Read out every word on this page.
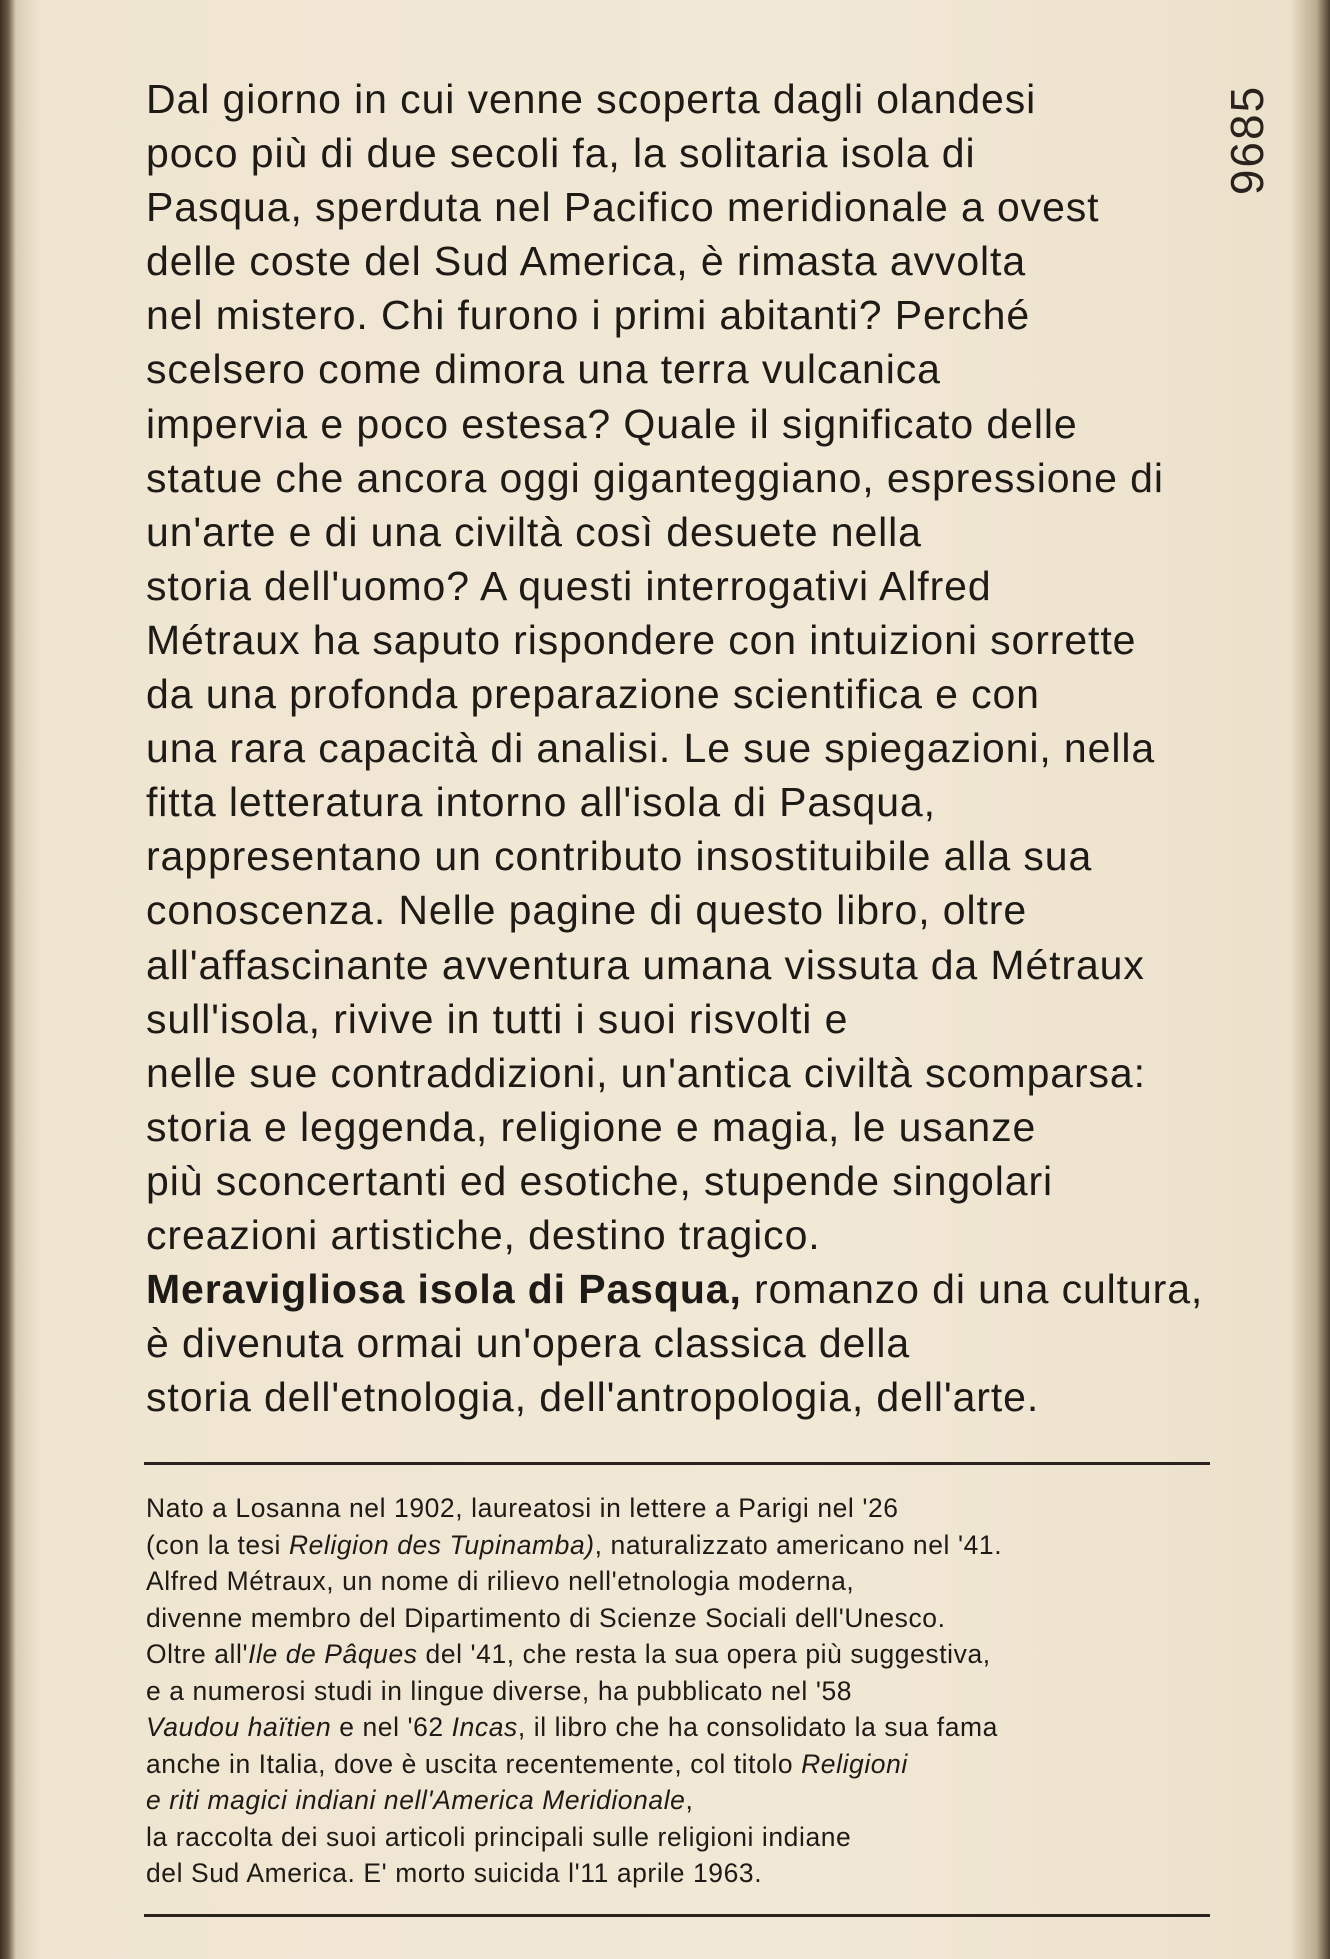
9685
Dal giorno in cui venne scoperta dagli olandesi
poco più di due secoli fa, la solitaria isola di
Pasqua, sperduta nel Pacifico meridionale a ovest
delle coste del Sud America, è rimasta avvolta
nel mistero. Chi furono i primi abitanti? Perché
scelsero come dimora una terra vulcanica
impervia e poco estesa? Quale il significato delle
statue che ancora oggi giganteggiano, espressione di
un'arte e di una civiltà così desuete nella
storia dell'uomo? A questi interrogativi Alfred
Métraux ha saputo rispondere con intuizioni sorrette
da una profonda preparazione scientifica e con
una rara capacità di analisi. Le sue spiegazioni, nella
fitta letteratura intorno all'isola di Pasqua,
rappresentano un contributo insostituibile alla sua
conoscenza. Nelle pagine di questo libro, oltre
all'affascinante avventura umana vissuta da Métraux
sull'isola, rivive in tutti i suoi risvolti e
nelle sue contraddizioni, un'antica civiltà scomparsa:
storia e leggenda, religione e magia, le usanze
più sconcertanti ed esotiche, stupende singolari
creazioni artistiche, destino tragico.
Meravigliosa isola di Pasqua, romanzo di una cultura,
è divenuta ormai un'opera classica della
storia dell'etnologia, dell'antropologia, dell'arte.
Nato a Losanna nel 1902, laureatosi in lettere a Parigi nel '26
(con la tesi Religion des Tupinamba), naturalizzato americano nel '41.
Alfred Métraux, un nome di rilievo nell'etnologia moderna,
divenne membro del Dipartimento di Scienze Sociali dell'Unesco.
Oltre all'Ile de Pâques del '41, che resta la sua opera più suggestiva,
e a numerosi studi in lingue diverse, ha pubblicato nel '58
Vaudou haïtien e nel '62 Incas, il libro che ha consolidato la sua fama
anche in Italia, dove è uscita recentemente, col titolo Religioni
e riti magici indiani nell'America Meridionale,
la raccolta dei suoi articoli principali sulle religioni indiane
del Sud America. E' morto suicida l'11 aprile 1963.
